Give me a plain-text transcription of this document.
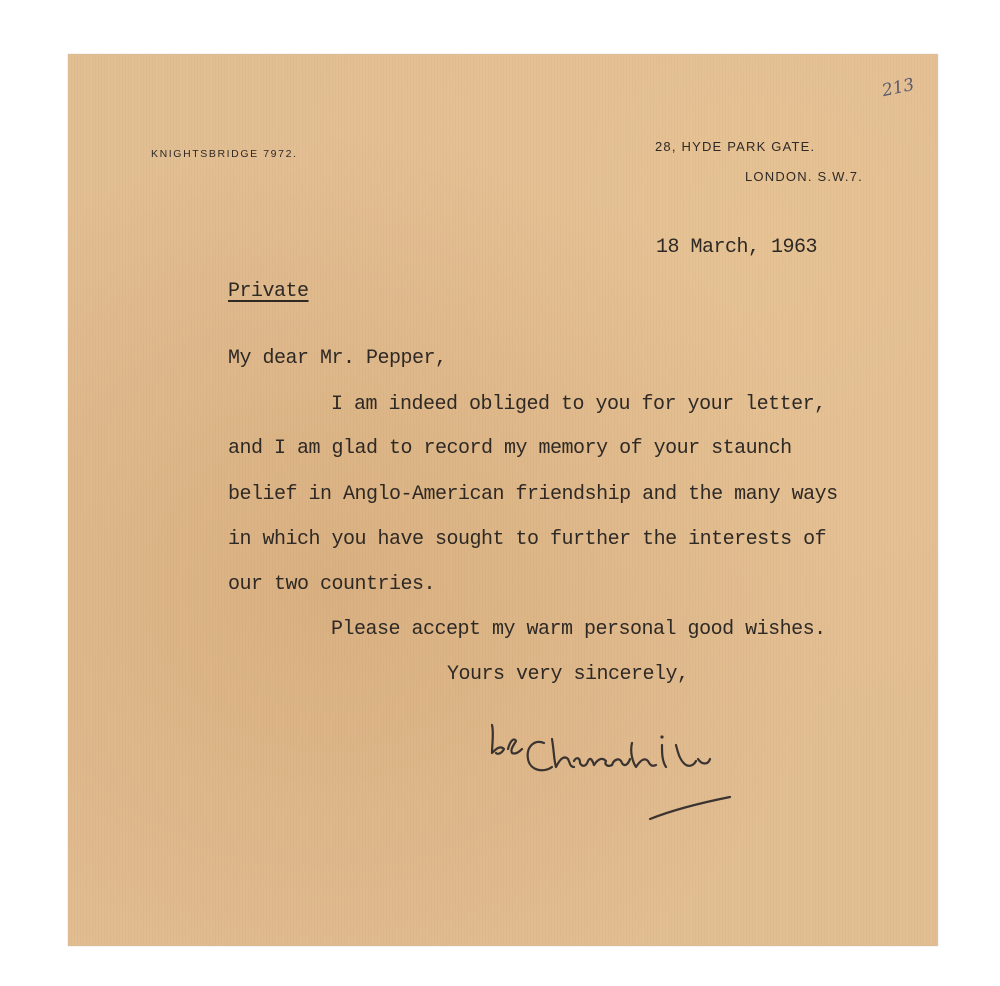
213
KNIGHTSBRIDGE 7972.	28, HYDE PARK GATE.
LONDON. S.W.7.
18 March, 1963
Private
My dear Mr. Pepper,
I am indeed obliged to you for your letter,
and I am glad to record my memory of your staunch
belief in Anglo-American friendship and the many ways
in which you have sought to further the interests of
our two countries.
Please accept my warm personal good wishes.
Yours very sincerely,
